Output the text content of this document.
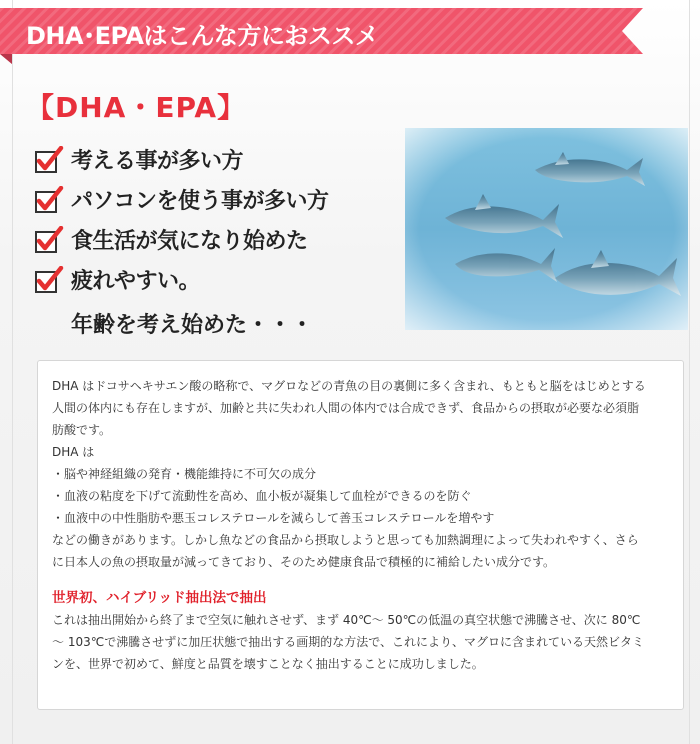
DHA･EPAはこんな方におススメ
【DHA・EPA】
考える事が多い方
パソコンを使う事が多い方
食生活が気になり始めた
疲れやすい。
年齢を考え始めた・・・

DHA はドコサヘキサエン酸の略称で、マグロなどの青魚の目の裏側に多く含まれ、もともと脳をはじめとする

人間の体内にも存在しますが、加齢と共に失われ人間の体内では合成できず、食品からの摂取が必要な必須脂

肪酸です。

DHA は

・脳や神経組織の発育・機能維持に不可欠の成分

・血液の粘度を下げて流動性を高め、血小板が凝集して血栓ができるのを防ぐ

・血液中の中性脂肪や悪玉コレステロールを減らして善玉コレステロールを増やす

などの働きがあります。しかし魚などの食品から摂取しようと思っても加熱調理によって失われやすく、さら

に日本人の魚の摂取量が減ってきており、そのため健康食品で積極的に補給したい成分です。

世界初、ハイブリッド抽出法で抽出

これは抽出開始から終了まで空気に触れさせず、まず 40℃～ 50℃の低温の真空状態で沸騰させ、次に 80℃

～ 103℃で沸騰させずに加圧状態で抽出する画期的な方法で、これにより、マグロに含まれている天然ビタミ

ンを、世界で初めて、鮮度と品質を壊すことなく抽出することに成功しました。
